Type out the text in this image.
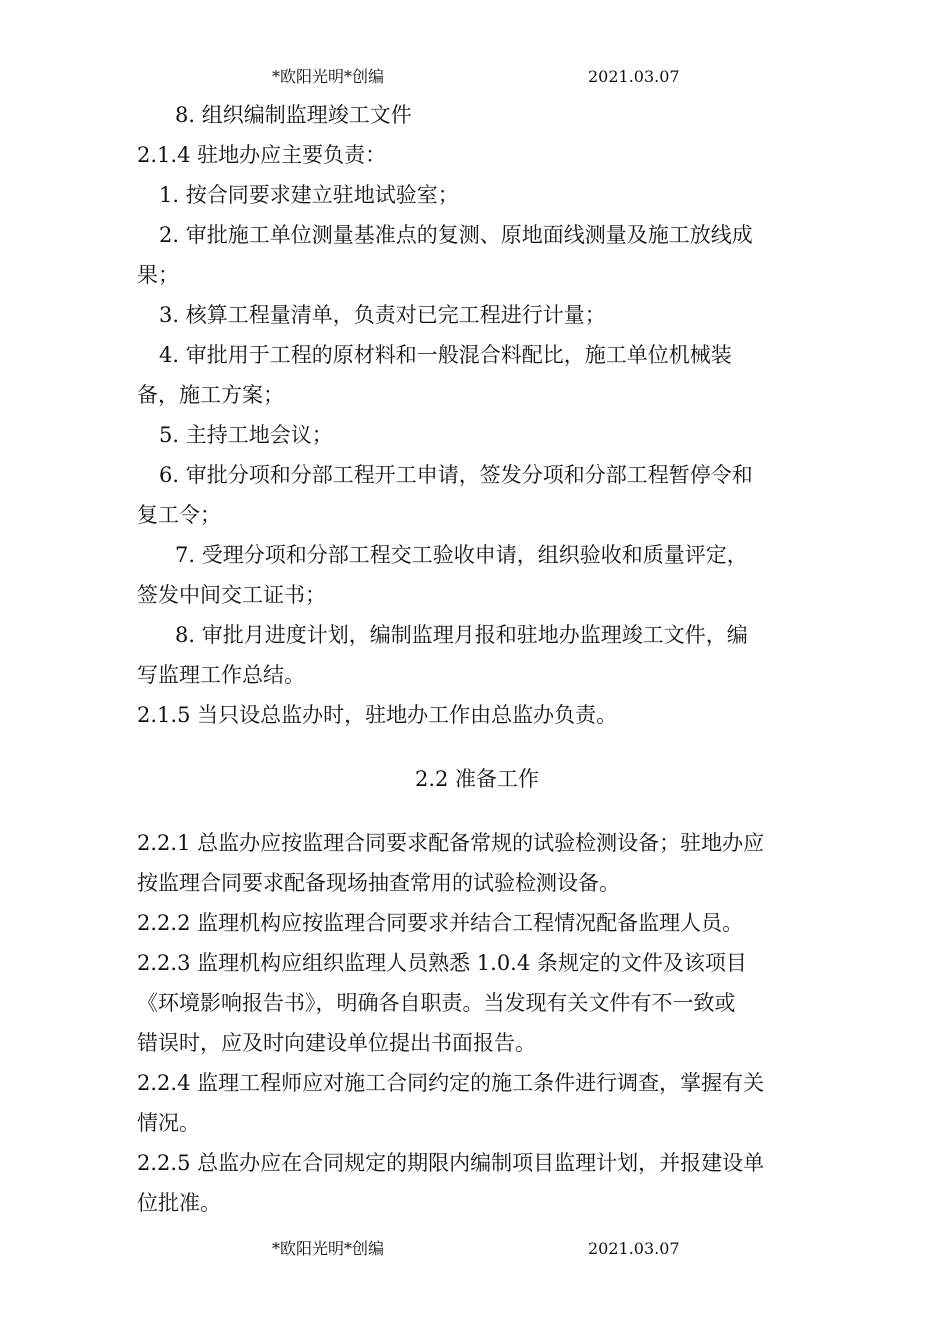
*欧阳光明*创编	2021.03.07
8. 组织编制监理竣工文件
2.1.4 驻地办应主要负责：
1. 按合同要求建立驻地试验室；
2. 审批施工单位测量基准点的复测、原地面线测量及施工放线成
果；
3. 核算工程量清单，负责对已完工程进行计量；
4. 审批用于工程的原材料和一般混合料配比，施工单位机械装
备，施工方案；
5. 主持工地会议；
6. 审批分项和分部工程开工申请，签发分项和分部工程暂停令和
复工令；
7. 受理分项和分部工程交工验收申请，组织验收和质量评定，
签发中间交工证书；
8. 审批月进度计划，编制监理月报和驻地办监理竣工文件，编
写监理工作总结。
2.1.5 当只设总监办时，驻地办工作由总监办负责。
2.2 准备工作
2.2.1 总监办应按监理合同要求配备常规的试验检测设备；驻地办应
按监理合同要求配备现场抽查常用的试验检测设备。
2.2.2 监理机构应按监理合同要求并结合工程情况配备监理人员。
2.2.3 监理机构应组织监理人员熟悉 1.0.4 条规定的文件及该项目
《环境影响报告书》，明确各自职责。当发现有关文件有不一致或
错误时，应及时向建设单位提出书面报告。
2.2.4 监理工程师应对施工合同约定的施工条件进行调查，掌握有关
情况。
2.2.5 总监办应在合同规定的期限内编制项目监理计划，并报建设单
位批准。
*欧阳光明*创编	2021.03.07
